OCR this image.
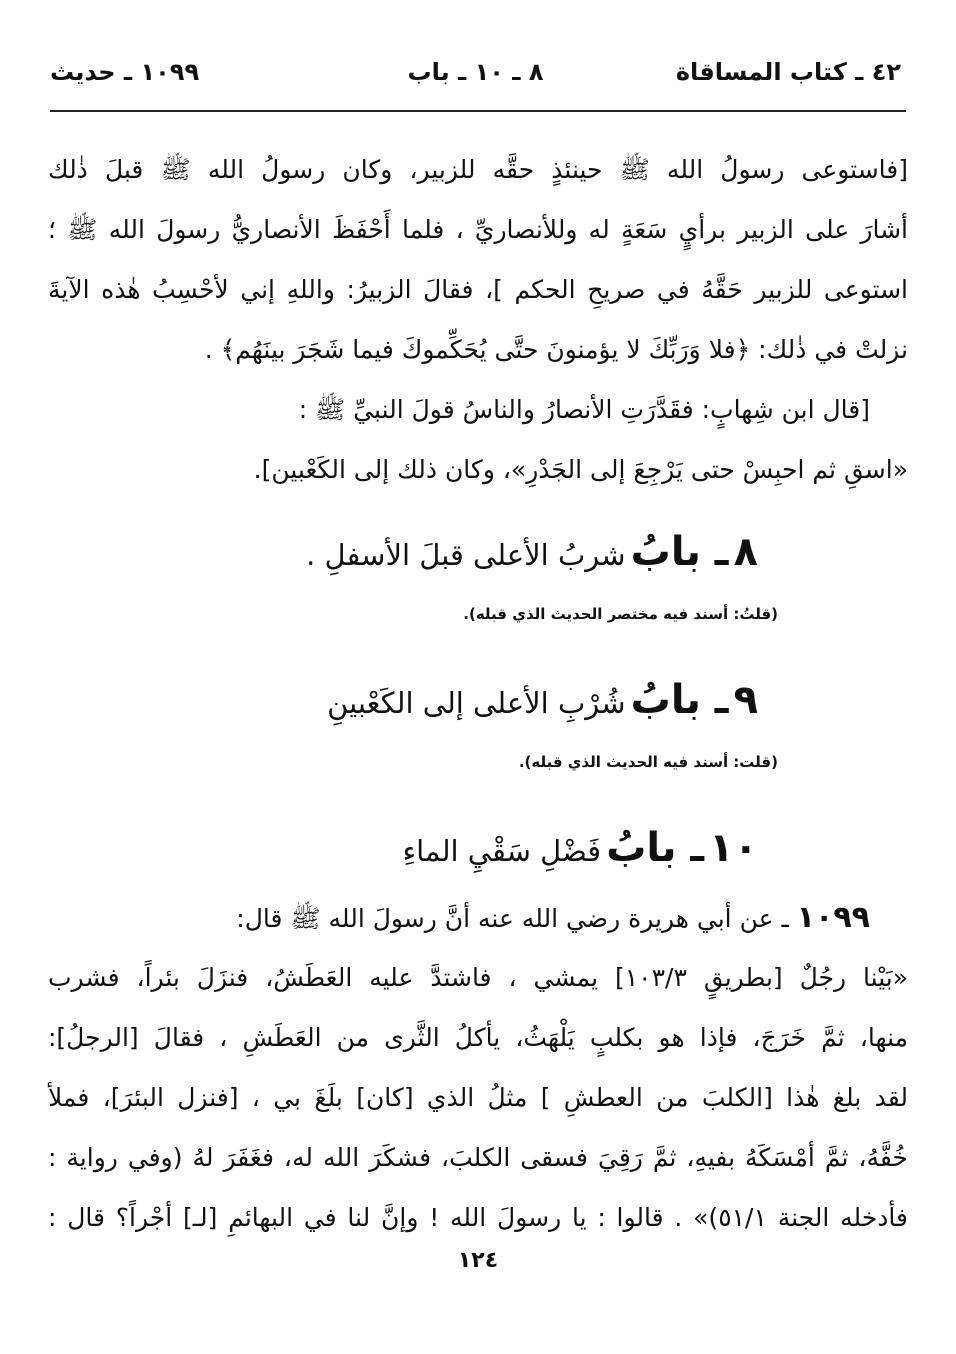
٤٢ ـ كتاب المساقاة
٨ ـ ١٠ ـ باب
١٠٩٩ ـ حديث
[فاستوعى رسولُ الله ﷺ حينئذٍ حقَّه للزبير، وكان رسولُ الله ﷺ قبلَ ذٰلك
أشارَ على الزبير برأيٍ سَعَةٍ له وللأنصاريِّ ، فلما أَحْفَظَ الأنصاريُّ رسولَ الله ﷺ ؛
استوعى للزبير حَقَّهُ في صريحِ الحكم ]، فقالَ الزبيرُ: واللهِ إني لأحْسِبُ هٰذه الآيةَ
نزلتْ في ذٰلك: ﴿فلا وَرَبِّكَ لا يؤمنونَ حتَّى يُحَكِّموكَ فيما شَجَرَ بينَهُم﴾ .
[قال ابن شِهابٍ: فقَدَّرَتِ الأنصارُ والناسُ قولَ النبيِّ ﷺ :
«اسقِ ثم احبِسْ حتى يَرْجِعَ إلى الجَدْرِ»، وكان ذلك إلى الكَعْبين].
٨ ـ بابُ شربُ الأعلى قبلَ الأسفلِ .
(قلتُ: أسند فيه مختصر الحديث الذي قبله).
٩ ـ بابُ شُرْبِ الأعلى إلى الكَعْبينِ
(قلت: أسند فيه الحديث الذي قبله).
١٠ ـ بابُ فَضْلِ سَقْيِ الماءِ
١٠٩٩ ـ عن أبي هريرة رضي الله عنه أنَّ رسولَ الله ﷺ قال:
«بَيْنا رجُلٌ [بطريقٍ ١٠٣/٣] يمشي ، فاشتدَّ عليه العَطَشُ، فنزَلَ بئراً، فشرب
منها، ثمَّ خَرَجَ، فإذا هو بكلبٍ يَلْهَثُ، يأكلُ الثَّرى من العَطَشِ ، فقالَ [الرجلُ]:
لقد بلغ هٰذا [الكلبَ من العطشِ ] مثلُ الذي [كان] بلَغَ بي ، [فنزل البئرَ]، فملأ
خُفَّهُ، ثمَّ أمْسَكَهُ بفيهِ، ثمَّ رَقِيَ فسقى الكلبَ، فشكَرَ الله له، فغَفَرَ لهُ (وفي رواية :
فأدخله الجنة ٥١/١)» . قالوا : يا رسولَ الله ! وإنَّ لنا في البهائمِ [لـ] أجْراً؟ قال :
١٢٤
